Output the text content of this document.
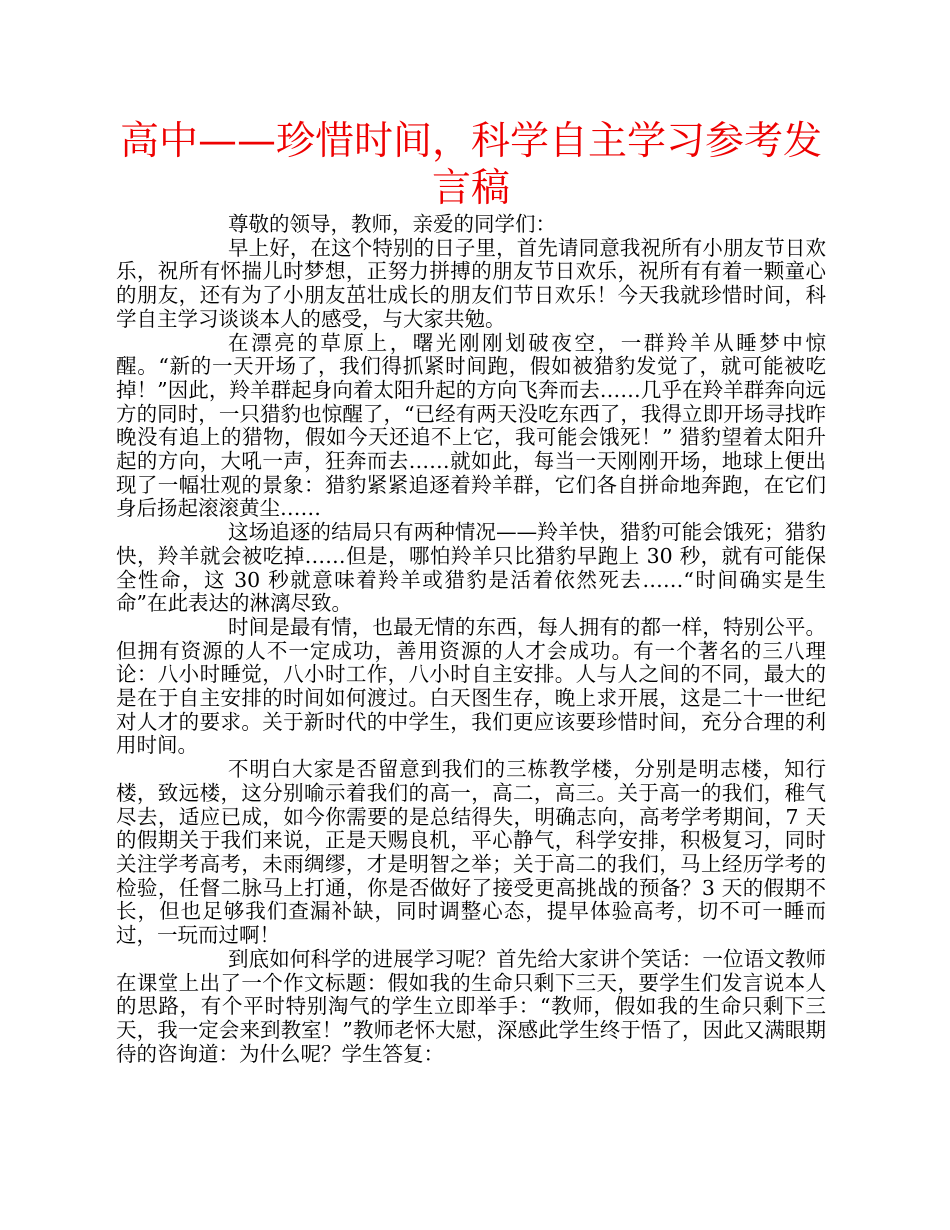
高中——珍惜时间，科学自主学习参考发
言稿

尊敬的领导，教师，亲爱的同学们：

早上好，在这个特别的日子里，首先请同意我祝所有小朋友节日欢乐，祝所有怀揣儿时梦想，正努力拼搏的朋友节日欢乐，祝所有有着一颗童心的朋友，还有为了小朋友茁壮成长的朋友们节日欢乐！今天我就珍惜时间，科学自主学习谈谈本人的感受，与大家共勉。

在漂亮的草原上，曙光刚刚划破夜空，一群羚羊从睡梦中惊醒。“新的一天开场了，我们得抓紧时间跑，假如被猎豹发觉了，就可能被吃掉！”因此，羚羊群起身向着太阳升起的方向飞奔而去……几乎在羚羊群奔向远方的同时，一只猎豹也惊醒了，“已经有两天没吃东西了，我得立即开场寻找昨晚没有追上的猎物，假如今天还追不上它，我可能会饿死！” 猎豹望着太阳升起的方向，大吼一声，狂奔而去……就如此，每当一天刚刚开场，地球上便出现了一幅壮观的景象：猎豹紧紧追逐着羚羊群，它们各自拼命地奔跑，在它们身后扬起滚滚黄尘……

这场追逐的结局只有两种情况——羚羊快，猎豹可能会饿死；猎豹快，羚羊就会被吃掉……但是，哪怕羚羊只比猎豹早跑上 30 秒，就有可能保全性命，这 30 秒就意味着羚羊或猎豹是活着依然死去……“时间确实是生命”在此表达的淋漓尽致。

时间是最有情，也最无情的东西，每人拥有的都一样，特别公平。但拥有资源的人不一定成功，善用资源的人才会成功。有一个著名的三八理论：八小时睡觉，八小时工作，八小时自主安排。人与人之间的不同，最大的是在于自主安排的时间如何渡过。白天图生存，晚上求开展，这是二十一世纪对人才的要求。关于新时代的中学生，我们更应该要珍惜时间，充分合理的利用时间。

不明白大家是否留意到我们的三栋教学楼，分别是明志楼，知行楼，致远楼，这分别喻示着我们的高一，高二，高三。关于高一的我们，稚气尽去，适应已成，如今你需要的是总结得失，明确志向，高考学考期间，7 天的假期关于我们来说，正是天赐良机，平心静气，科学安排，积极复习，同时关注学考高考，未雨绸缪，才是明智之举；关于高二的我们，马上经历学考的检验，任督二脉马上打通，你是否做好了接受更高挑战的预备？3 天的假期不长，但也足够我们查漏补缺，同时调整心态，提早体验高考，切不可一睡而过，一玩而过啊！

到底如何科学的进展学习呢？首先给大家讲个笑话：一位语文教师在课堂上出了一个作文标题：假如我的生命只剩下三天，要学生们发言说本人的思路，有个平时特别淘气的学生立即举手：“教师，假如我的生命只剩下三天，我一定会来到教室！”教师老怀大慰，深感此学生终于悟了，因此又满眼期待的咨询道：为什么呢？学生答复：
